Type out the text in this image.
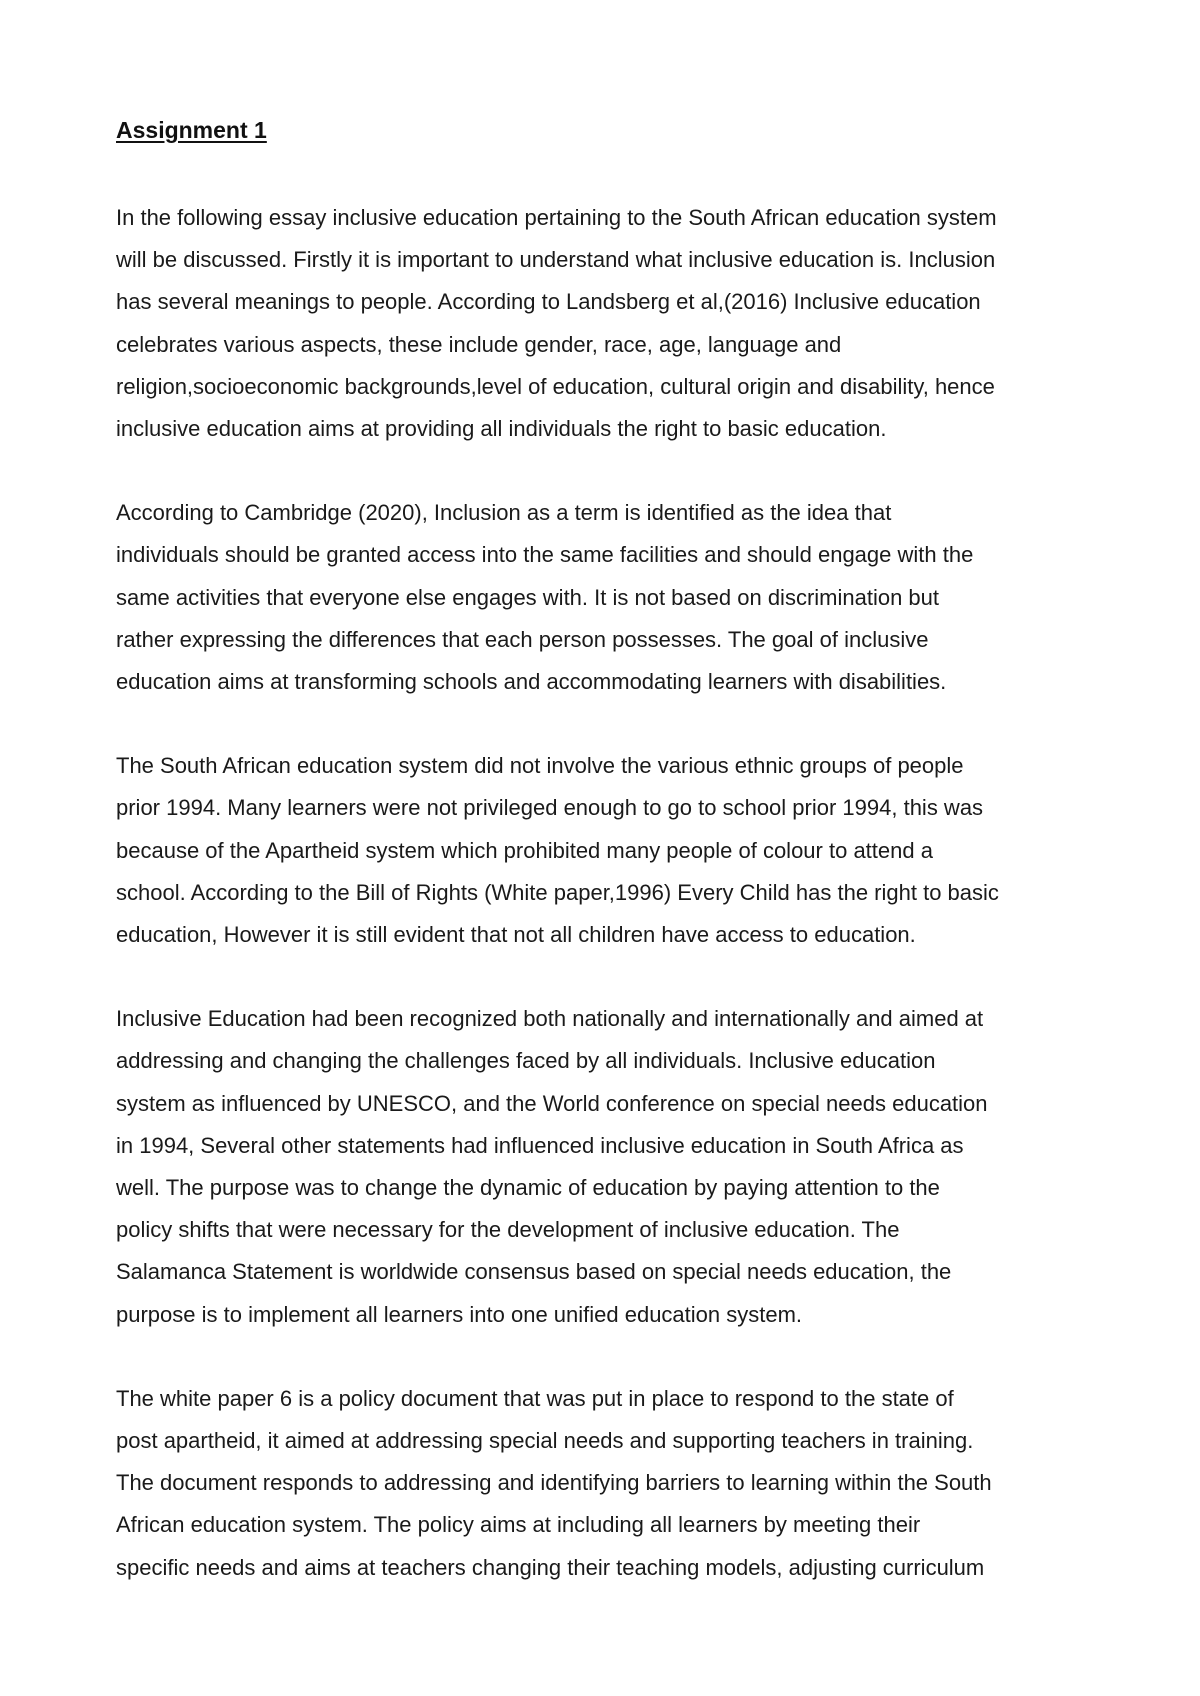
Assignment 1

In the following essay inclusive education pertaining to the South African education system
will be discussed. Firstly it is important to understand what inclusive education is. Inclusion
has several meanings to people. According to Landsberg et al,(2016) Inclusive education
celebrates various aspects, these include gender, race, age, language and
religion,socioeconomic backgrounds,level of education, cultural origin and disability, hence
inclusive education aims at providing all individuals the right to basic education.

According to Cambridge (2020), Inclusion as a term is identified as the idea that
individuals should be granted access into the same facilities and should engage with the
same activities that everyone else engages with. It is not based on discrimination but
rather expressing the differences that each person possesses. The goal of inclusive
education aims at transforming schools and accommodating learners with disabilities.

The South African education system did not involve the various ethnic groups of people
prior 1994. Many learners were not privileged enough to go to school prior 1994, this was
because of the Apartheid system which prohibited many people of colour to attend a
school. According to the Bill of Rights (White paper,1996) Every Child has the right to basic
education, However it is still evident that not all children have access to education.

Inclusive Education had been recognized both nationally and internationally and aimed at
addressing and changing the challenges faced by all individuals. Inclusive education
system as influenced by UNESCO, and the World conference on special needs education
in 1994, Several other statements had influenced inclusive education in South Africa as
well. The purpose was to change the dynamic of education by paying attention to the
policy shifts that were necessary for the development of inclusive education. The
Salamanca Statement is worldwide consensus based on special needs education, the
purpose is to implement all learners into one unified education system.

The white paper 6 is a policy document that was put in place to respond to the state of
post apartheid, it aimed at addressing special needs and supporting teachers in training.
The document responds to addressing and identifying barriers to learning within the South
African education system. The policy aims at including all learners by meeting their
specific needs and aims at teachers changing their teaching models, adjusting curriculum
